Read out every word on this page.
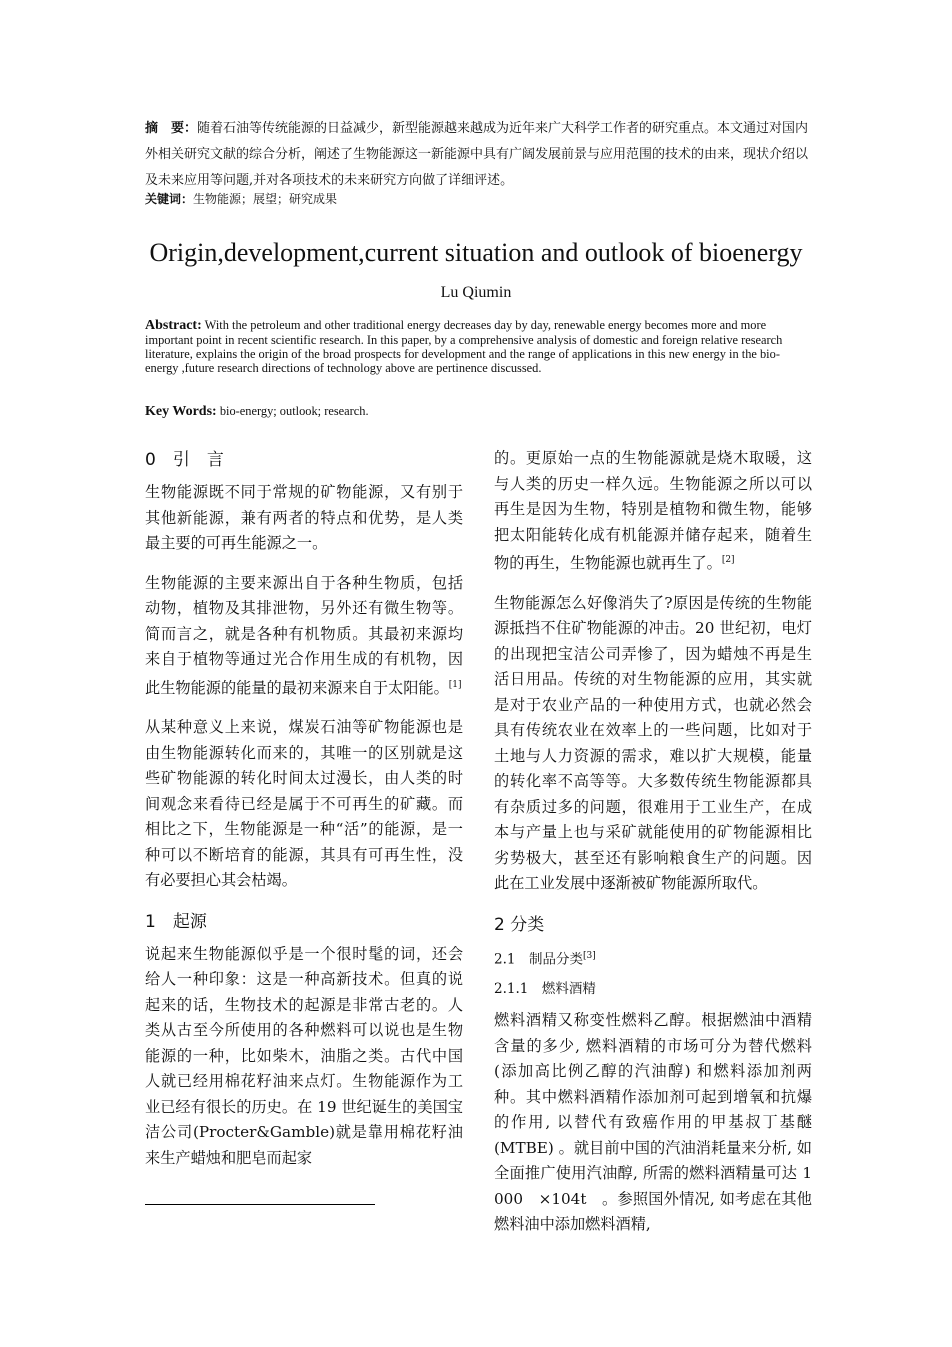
摘　要：随着石油等传统能源的日益减少，新型能源越来越成为近年来广大科学工作者的研究重点。本文通过对国内外相关研究文献的综合分析，阐述了生物能源这一新能源中具有广阔发展前景与应用范围的技术的由来，现状介绍以及未来应用等问题,并对各项技术的未来研究方向做了详细评述。
关键词：生物能源；展望；研究成果
Origin,development,current situation and outlook of bioenergy
Lu Qiumin
Abstract: With the petroleum and other traditional energy decreases day by day, renewable energy becomes more and more important point in recent scientific research. In this paper, by a comprehensive analysis of domestic and foreign relative research literature, explains the origin of the broad prospects for development and the range of applications in this new energy in the bio-energy ,future research directions of technology above are pertinence discussed.
Key Words: bio-energy; outlook; research.
0　引　言
生物能源既不同于常规的矿物能源，又有别于其他新能源，兼有两者的特点和优势，是人类最主要的可再生能源之一。
生物能源的主要来源出自于各种生物质，包括动物，植物及其排泄物，另外还有微生物等。简而言之，就是各种有机物质。其最初来源均来自于植物等通过光合作用生成的有机物，因此生物能源的能量的最初来源来自于太阳能。[1]
从某种意义上来说，煤炭石油等矿物能源也是由生物能源转化而来的，其唯一的区别就是这些矿物能源的转化时间太过漫长，由人类的时间观念来看待已经是属于不可再生的矿藏。而相比之下，生物能源是一种“活”的能源，是一种可以不断培育的能源，其具有可再生性，没有必要担心其会枯竭。
1　起源
说起来生物能源似乎是一个很时髦的词，还会给人一种印象：这是一种高新技术。但真的说起来的话，生物技术的起源是非常古老的。人类从古至今所使用的各种燃料可以说也是生物能源的一种，比如柴木，油脂之类。古代中国人就已经用棉花籽油来点灯。生物能源作为工业已经有很长的历史。在 19 世纪诞生的美国宝洁公司(Procter&Gamble)就是靠用棉花籽油来生产蜡烛和肥皂而起家
的。更原始一点的生物能源就是烧木取暖，这与人类的历史一样久远。生物能源之所以可以再生是因为生物，特别是植物和微生物，能够把太阳能转化成有机能源并储存起来，随着生物的再生，生物能源也就再生了。[2]
生物能源怎么好像消失了?原因是传统的生物能源抵挡不住矿物能源的冲击。20 世纪初，电灯的出现把宝洁公司弄惨了，因为蜡烛不再是生活日用品。传统的对生物能源的应用，其实就是对于农业产品的一种使用方式，也就必然会具有传统农业在效率上的一些问题，比如对于土地与人力资源的需求，难以扩大规模，能量的转化率不高等等。大多数传统生物能源都具有杂质过多的问题，很难用于工业生产，在成本与产量上也与采矿就能使用的矿物能源相比劣势极大，甚至还有影响粮食生产的问题。因此在工业发展中逐渐被矿物能源所取代。
2 分类
2.1　制品分类[3]
2.1.1　燃料酒精
燃料酒精又称变性燃料乙醇。根据燃油中酒精含量的多少, 燃料酒精的市场可分为替代燃料(添加高比例乙醇的汽油醇) 和燃料添加剂两种。其中燃料酒精作添加剂可起到增氧和抗爆的作用, 以替代有致癌作用的甲基叔丁基醚(MTBE) 。就目前中国的汽油消耗量来分析, 如全面推广使用汽油醇, 所需的燃料酒精量可达 1 000　×104t　。参照国外情况, 如考虑在其他燃料油中添加燃料酒精,
